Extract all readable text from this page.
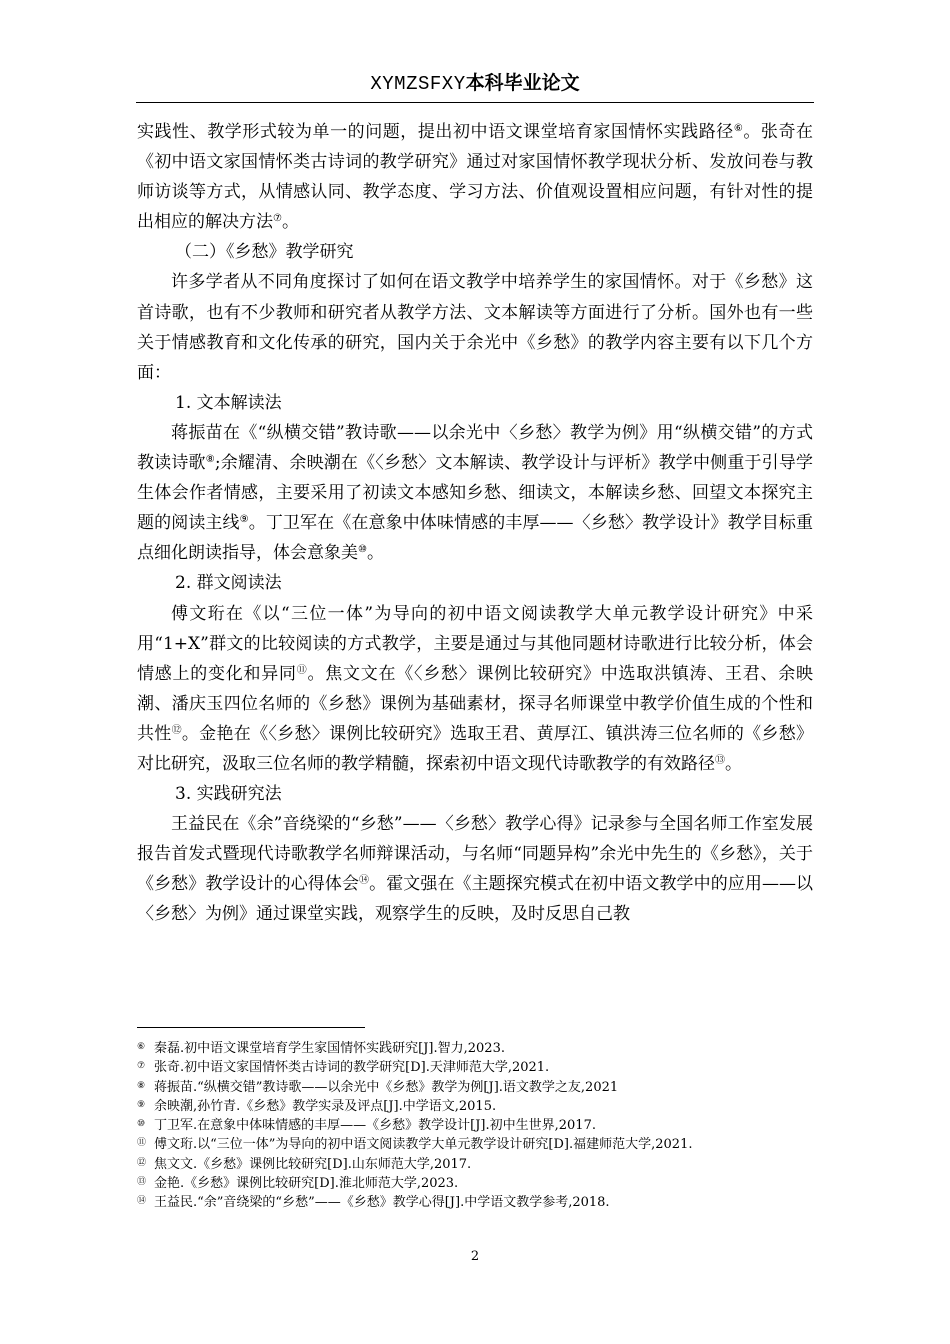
XYMZSFXY本科毕业论文

实践性、教学形式较为单一的问题，提出初中语文课堂培育家国情怀实践路径⑥。张奇在《初中语文家国情怀类古诗词的教学研究》通过对家国情怀教学现状分析、发放问卷与教师访谈等方式，从情感认同、教学态度、学习方法、价值观设置相应问题，有针对性的提出相应的解决方法⑦。

（二）《乡愁》教学研究

许多学者从不同角度探讨了如何在语文教学中培养学生的家国情怀。对于《乡愁》这首诗歌，也有不少教师和研究者从教学方法、文本解读等方面进行了分析。国外也有一些关于情感教育和文化传承的研究，国内关于余光中《乡愁》的教学内容主要有以下几个方面：

1. 文本解读法

蒋振苗在《“纵横交错”教诗歌——以余光中〈乡愁〉教学为例》用“纵横交错”的方式教读诗歌⑧;余耀清、余映潮在《〈乡愁〉文本解读、教学设计与评析》教学中侧重于引导学生体会作者情感，主要采用了初读文本感知乡愁、细读文，本解读乡愁、回望文本探究主题的阅读主线⑨。丁卫军在《在意象中体味情感的丰厚——〈乡愁〉教学设计》教学目标重点细化朗读指导，体会意象美⑩。

2. 群文阅读法

傅文珩在《以“三位一体”为导向的初中语文阅读教学大单元教学设计研究》中采用“1+X”群文的比较阅读的方式教学，主要是通过与其他同题材诗歌进行比较分析，体会情感上的变化和异同⑪。焦文文在《〈乡愁〉课例比较研究》中选取洪镇涛、王君、余映潮、潘庆玉四位名师的《乡愁》课例为基础素材，探寻名师课堂中教学价值生成的个性和共性⑫。金艳在《〈乡愁〉课例比较研究》选取王君、黄厚江、镇洪涛三位名师的《乡愁》对比研究，汲取三位名师的教学精髓，探索初中语文现代诗歌教学的有效路径⑬。

3. 实践研究法

王益民在《余”音绕梁的“乡愁”——〈乡愁〉教学心得》记录参与全国名师工作室发展报告首发式暨现代诗歌教学名师辩课活动，与名师“同题异构”余光中先生的《乡愁》，关于《乡愁》教学设计的心得体会⑭。霍文强在《主题探究模式在初中语文教学中的应用——以〈乡愁〉为例》通过课堂实践，观察学生的反映，及时反思自己教

⑥ 秦磊.初中语文课堂培育学生家国情怀实践研究[J].智力,2023.
⑦ 张奇.初中语文家国情怀类古诗词的教学研究[D].天津师范大学,2021.
⑧ 蒋振苗.“纵横交错”教诗歌——以余光中《乡愁》教学为例[J].语文教学之友,2021
⑨ 余映潮,孙竹青.《乡愁》教学实录及评点[J].中学语文,2015.
⑩ 丁卫军.在意象中体味情感的丰厚——《乡愁》教学设计[J].初中生世界,2017.
⑪ 傅文珩.以“三位一体”为导向的初中语文阅读教学大单元教学设计研究[D].福建师范大学,2021.
⑫ 焦文文.《乡愁》课例比较研究[D].山东师范大学,2017.
⑬ 金艳.《乡愁》课例比较研究[D].淮北师范大学,2023.
⑭ 王益民.“余”音绕梁的“乡愁”——《乡愁》教学心得[J].中学语文教学参考,2018.
2
